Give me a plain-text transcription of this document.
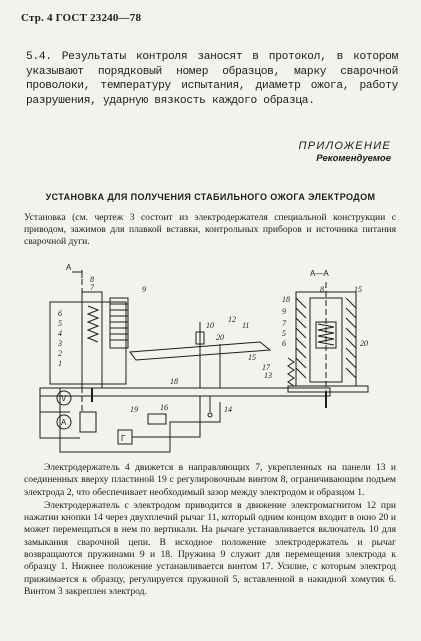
Стр. 4 ГОСТ 23240—78
5.4. Результаты контроля заносят в протокол, в котором указывают порядковый номер образцов, марку сварочной проволоки, температуру испытания, диаметр ожога, работу разрушения, ударную вязкость каждого образца.
ПРИЛОЖЕНИЕ
Рекомендуемое
УСТАНОВКА ДЛЯ ПОЛУЧЕНИЯ СТАБИЛЬНОГО ОЖОГА ЭЛЕКТРОДОМ
Установка (см. чертеж 3 состоит из электродержателя специальной конструкции с приводом, зажимов для плавкой вставки, контрольных приборов и источника питания сварочной дуги.
А
8
7
6
5
4
3
2
1
9
10	11
12
13
14
15
16
17
18
19
20
V
A
Г
А—А
18
8	15
9
7
5
6	20

Электродержатель 4 движется в направляющих 7, укрепленных на панели 13 и соединенных вверху пластиной 19 с регулировочным винтом 8, ограничивающим подъем электрода 2, что обеспечивает необходимый зазор между электродом и образцом 1.

Электродержатель с электродом приводится в движение электромагнитом 12 при нажатии кнопки 14 через двухплечий рычаг 11, который одним концом входит в окно 20 и может перемещаться в нем по вертикали. На рычаге устанавливается включатель 10 для замыкания сварочной цепи. В исходное положение электродержатель и рычаг возвращаются пружинами 9 и 18. Пружина 9 служит для перемещения электрода к образцу 1. Нижнее положение устанавливается винтом 17. Усилие, с которым электрод прижимается к образцу, регулируется пружиной 5, вставленной в накидной хомутик 6. Винтом 3 закреплен электрод.
